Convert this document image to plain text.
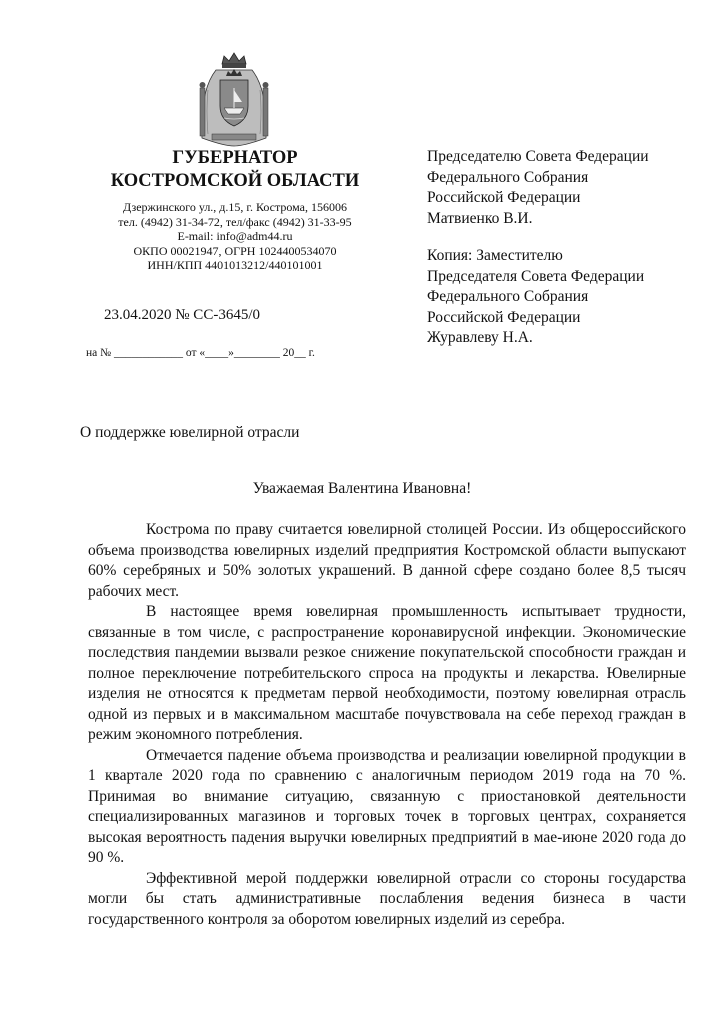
ГУБЕРНАТОР
КОСТРОМСКОЙ ОБЛАСТИ
Дзержинского ул., д.15, г. Кострома, 156006
тел. (4942) 31-34-72, тел/факс (4942) 31-33-95
E-mail: info@adm44.ru
ОКПО 00021947, ОГРН 1024400534070
ИНН/КПП 4401013212/440101001
23.04.2020 № СС-3645/0
на № ____________ от «____»________ 20__ г.
Председателю Совета Федерации
Федерального Собрания
Российской Федерации
Матвиенко В.И.
Копия: Заместителю
Председателя Совета Федерации
Федерального Собрания
Российской Федерации
Журавлеву Н.А.
О поддержке ювелирной отрасли
Уважаемая Валентина Ивановна!

Кострома по праву считается ювелирной столицей России. Из общероссийского объема производства ювелирных изделий предприятия Костромской области выпускают 60% серебряных и 50% золотых украшений. В данной сфере создано более 8,5 тысяч рабочих мест.

В настоящее время ювелирная промышленность испытывает трудности, связанные в том числе, с распространение коронавирусной инфекции. Экономические последствия пандемии вызвали резкое снижение покупательской способности граждан и полное переключение потребительского спроса на продукты и лекарства. Ювелирные изделия не относятся к предметам первой необходимости, поэтому ювелирная отрасль одной из первых и в максимальном масштабе почувствовала на себе переход граждан в режим экономного потребления.

Отмечается падение объема производства и реализации ювелирной продукции в 1 квартале 2020 года по сравнению с аналогичным периодом 2019 года на 70 %. Принимая во внимание ситуацию, связанную с приостановкой деятельности специализированных магазинов и торговых точек в торговых центрах, сохраняется высокая вероятность падения выручки ювелирных предприятий в мае-июне 2020 года до 90 %.

Эффективной мерой поддержки ювелирной отрасли со стороны государства могли бы стать административные послабления ведения бизнеса в части государственного контроля за оборотом ювелирных изделий из серебра.
